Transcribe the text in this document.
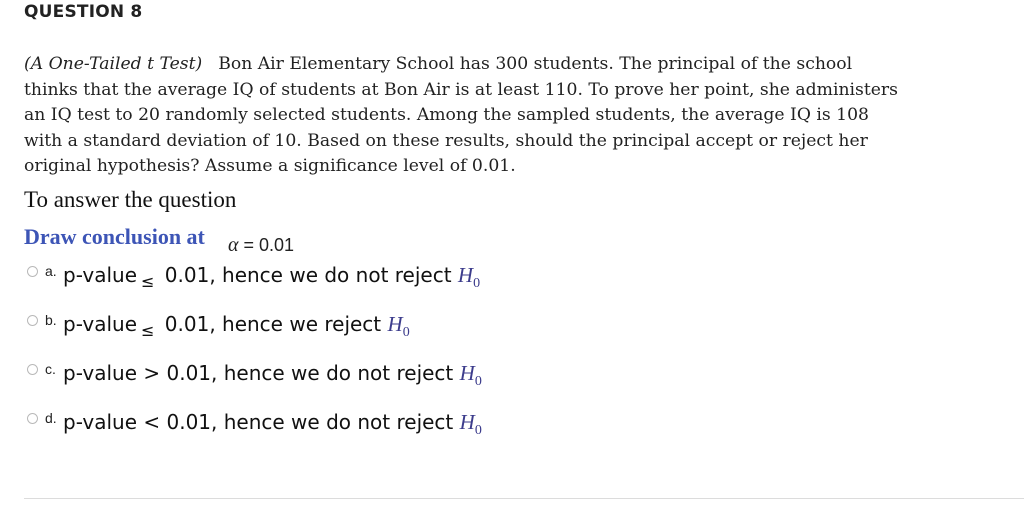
QUESTION 8
(A One-Tailed t Test) Bon Air Elementary School has 300 students. The principal of the school thinks that the average IQ of students at Bon Air is at least 110. To prove her point, she administers an IQ test to 20 randomly selected students. Among the sampled students, the average IQ is 108 with a standard deviation of 10. Based on these results, should the principal accept or reject her original hypothesis? Assume a significance level of 0.01.
To answer the question
Draw conclusion at α = 0.01
a. p-value ≤ 0.01, hence we do not reject $H_0$
b. p-value ≤ 0.01, hence we reject $H_0$
c. p-value > 0.01, hence we do not reject $H_0$
d. p-value < 0.01, hence we do not reject $H_0$
